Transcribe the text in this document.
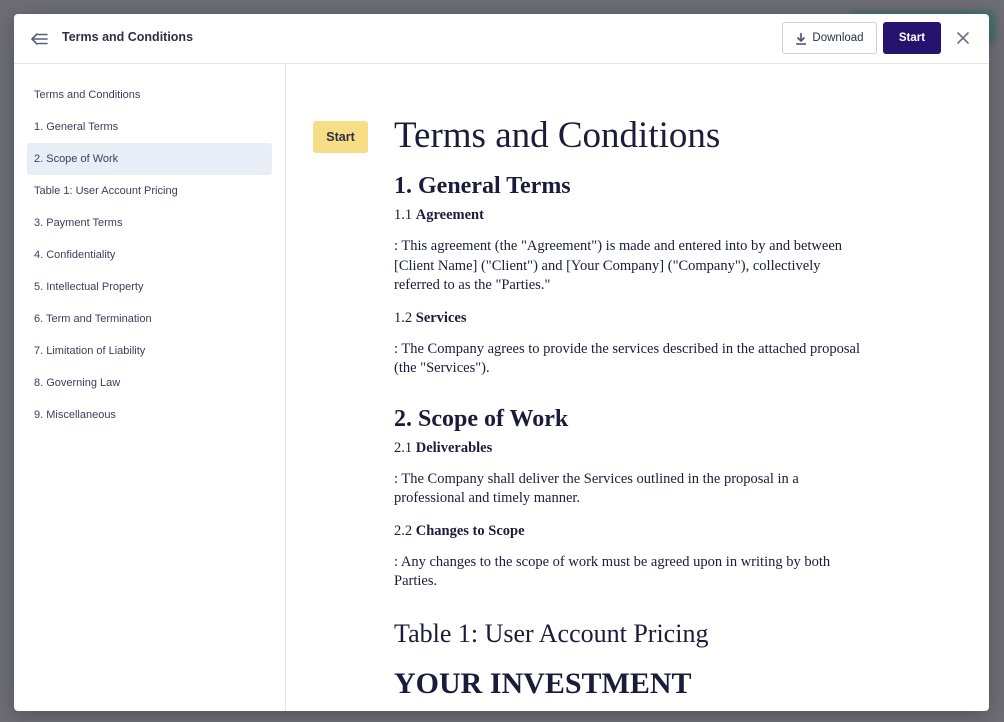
Terms and Conditions	Download	Start
Terms and Conditions
1. General Terms
2. Scope of Work
Table 1: User Account Pricing
3. Payment Terms
4. Confidentiality
5. Intellectual Property
6. Term and Termination
7. Limitation of Liability
8. Governing Law
9. Miscellaneous
Start	Terms and Conditions
1. General Terms
1.1 Agreement
: This agreement (the "Agreement") is made and entered into by and between [Client Name] ("Client") and [Your Company] ("Company"), collectively referred to as the "Parties."
1.2 Services
: The Company agrees to provide the services described in the attached proposal (the "Services").
2. Scope of Work
2.1 Deliverables
: The Company shall deliver the Services outlined in the proposal in a professional and timely manner.
2.2 Changes to Scope
: Any changes to the scope of work must be agreed upon in writing by both Parties.
Table 1: User Account Pricing
YOUR INVESTMENT
